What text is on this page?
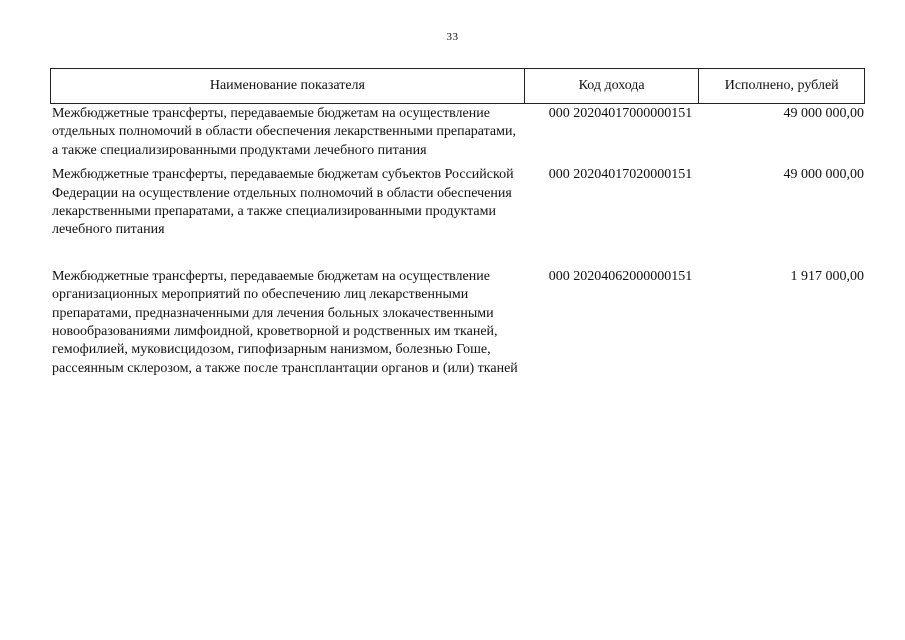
33
Наименование показателя	Код дохода	Исполнено, рублей
Межбюджетные трансферты, передаваемые бюджетам на осуществление отдельных полномочий в области обеспечения лекарственными препаратами, а также специализированными продуктами лечебного питания
000 20204017000000151	49 000 000,00
Межбюджетные трансферты, передаваемые бюджетам субъектов Российской Федерации на осуществление отдельных полномочий в области обеспечения лекарственными препаратами, а также специализированными продуктами лечебного питания
000 20204017020000151	49 000 000,00
Межбюджетные трансферты, передаваемые бюджетам на осуществление организационных мероприятий по обеспечению лиц лекарственными препаратами, предназначенными для лечения больных злокачественными новообразованиями лимфоидной, кроветворной и родственных им тканей, гемофилией, муковисцидозом, гипофизарным нанизмом, болезнью Гоше, рассеянным склерозом, а также после трансплантации органов и (или) тканей
000 20204062000000151	1 917 000,00
